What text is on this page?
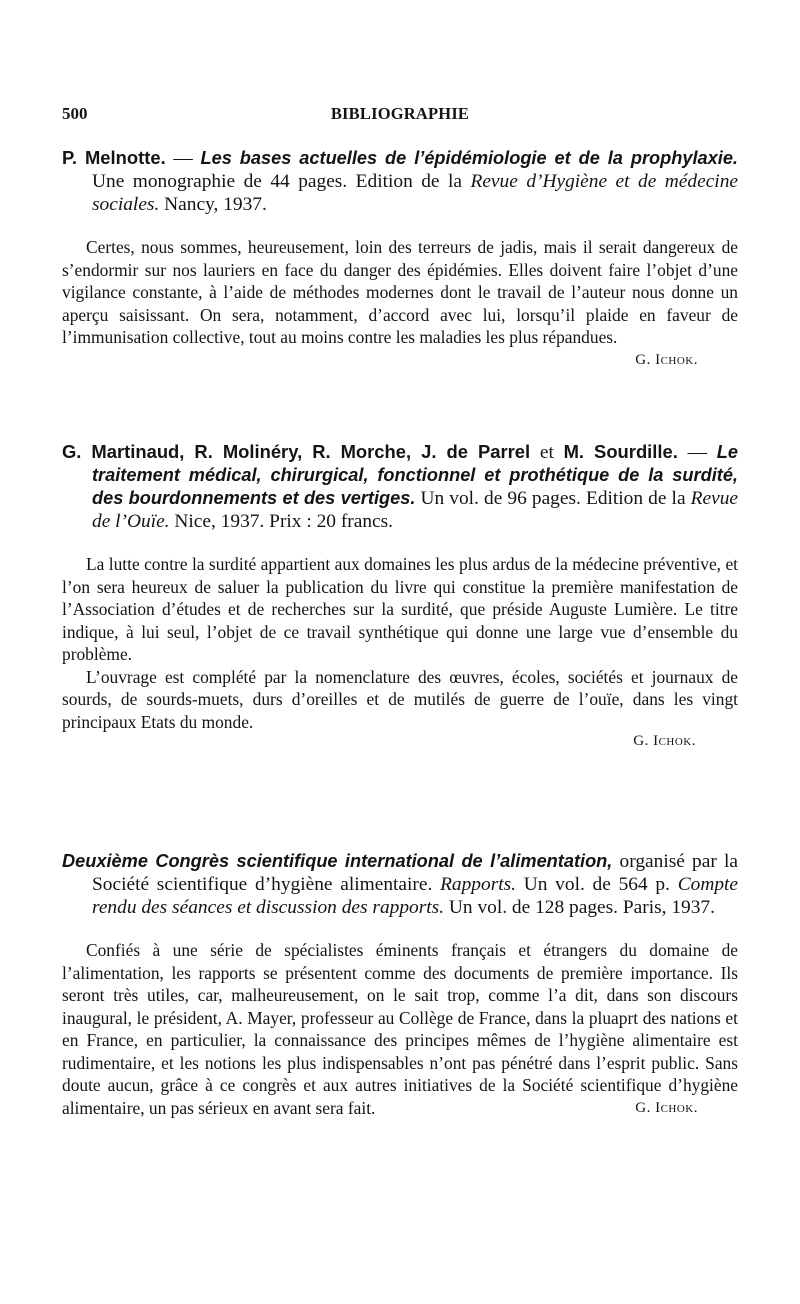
500	BIBLIOGRAPHIE
P. Melnotte. — Les bases actuelles de l’épidémiologie et de la prophylaxie. Une monographie de 44 pages. Edition de la Revue d’Hygiène et de médecine sociales. Nancy, 1937.
Certes, nous sommes, heureusement, loin des terreurs de jadis, mais il serait dangereux de s’endormir sur nos lauriers en face du danger des épidémies. Elles doivent faire l’objet d’une vigilance constante, à l’aide de méthodes modernes dont le travail de l’auteur nous donne un aperçu saisissant. On sera, notamment, d’accord avec lui, lorsqu’il plaide en faveur de l’immunisation collective, tout au moins contre les maladies les plus répandues.
G. Ichok.
G. Martinaud, R. Molinéry, R. Morche, J. de Parrel et M. Sourdille. — Le traitement médical, chirurgical, fonctionnel et prothétique de la surdité, des bourdonnements et des vertiges. Un vol. de 96 pages. Edition de la Revue de l’Ouïe. Nice, 1937. Prix : 20 francs.
La lutte contre la surdité appartient aux domaines les plus ardus de la médecine préventive, et l’on sera heureux de saluer la publication du livre qui constitue la première manifestation de l’Association d’études et de recherches sur la surdité, que préside Auguste Lumière. Le titre indique, à lui seul, l’objet de ce travail synthétique qui donne une large vue d’ensemble du problème.
L’ouvrage est complété par la nomenclature des œuvres, écoles, sociétés et journaux de sourds, de sourds-muets, durs d’oreilles et de mutilés de guerre de l’ouïe, dans les vingt principaux Etats du monde.
G. Ichok.
Deuxième Congrès scientifique international de l’alimentation, organisé par la Société scientifique d’hygiène alimentaire. Rapports. Un vol. de 564 p. Compte rendu des séances et discussion des rapports. Un vol. de 128 pages. Paris, 1937.
Confiés à une série de spécialistes éminents français et étrangers du domaine de l’alimentation, les rapports se présentent comme des documents de première importance. Ils seront très utiles, car, malheureusement, on le sait trop, comme l’a dit, dans son discours inaugural, le président, A. Mayer, professeur au Collège de France, dans la pluaprt des nations et en France, en particulier, la connaissance des principes mêmes de l’hygiène alimentaire est rudimentaire, et les notions les plus indispensables n’ont pas pénétré dans l’esprit public. Sans doute aucun, grâce à ce congrès et aux autres initiatives de la Société scientifique d’hygiène alimentaire, un pas sérieux en avant sera fait.	G. Ichok.
